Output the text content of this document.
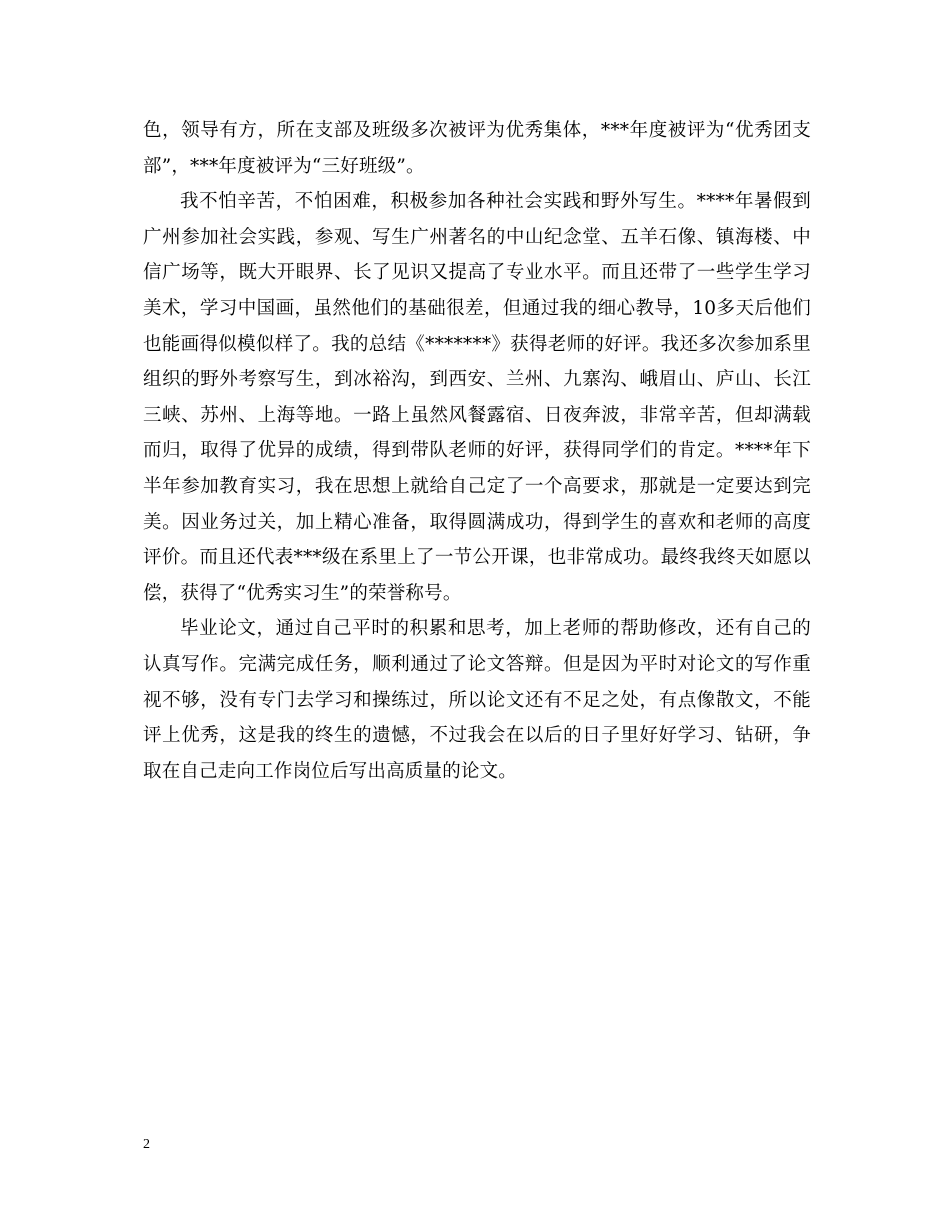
色，领导有方，所在支部及班级多次被评为优秀集体，***年度被评为“优秀团支部”，***年度被评为“三好班级”。

我不怕辛苦，不怕困难，积极参加各种社会实践和野外写生。****年暑假到广州参加社会实践，参观、写生广州著名的中山纪念堂、五羊石像、镇海楼、中信广场等，既大开眼界、长了见识又提高了专业水平。而且还带了一些学生学习美术，学习中国画，虽然他们的基础很差，但通过我的细心教导，10多天后他们也能画得似模似样了。我的总结《*******》获得老师的好评。我还多次参加系里组织的野外考察写生，到冰裕沟，到西安、兰州、九寨沟、峨眉山、庐山、长江三峡、苏州、上海等地。一路上虽然风餐露宿、日夜奔波，非常辛苦，但却满载而归，取得了优异的成绩，得到带队老师的好评，获得同学们的肯定。****年下半年参加教育实习，我在思想上就给自己定了一个高要求，那就是一定要达到完美。因业务过关，加上精心准备，取得圆满成功，得到学生的喜欢和老师的高度评价。而且还代表***级在系里上了一节公开课，也非常成功。最终我终天如愿以偿，获得了“优秀实习生”的荣誉称号。

毕业论文，通过自己平时的积累和思考，加上老师的帮助修改，还有自己的认真写作。完满完成任务，顺利通过了论文答辩。但是因为平时对论文的写作重视不够，没有专门去学习和操练过，所以论文还有不足之处，有点像散文，不能评上优秀，这是我的终生的遗憾，不过我会在以后的日子里好好学习、钻研，争取在自己走向工作岗位后写出高质量的论文。

2
